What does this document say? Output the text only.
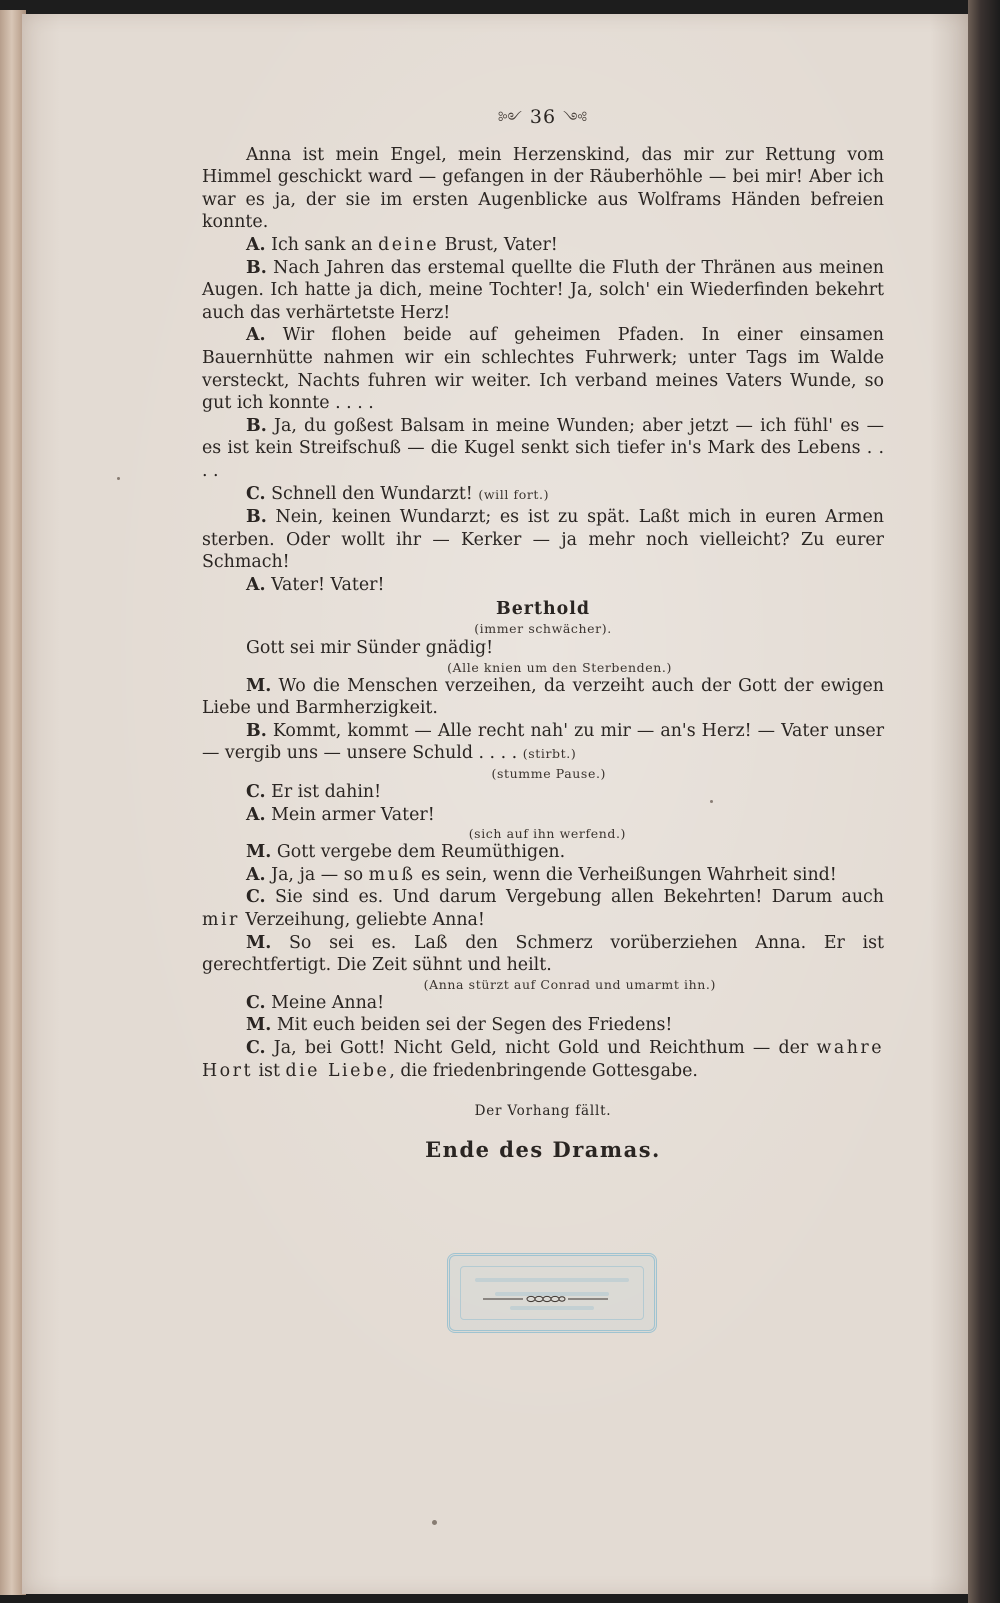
༻ 36 ༺

Anna ist mein Engel, mein Herzenskind, das mir zur Rettung vom Himmel geschickt ward — gefangen in der Räuberhöhle — bei mir! Aber ich war es ja, der sie im ersten Augenblicke aus Wolframs Händen befreien konnte.

A. Ich sank an deine Brust, Vater!

B. Nach Jahren das erstemal quellte die Fluth der Thränen aus meinen Augen. Ich hatte ja dich, meine Tochter! Ja, solch' ein Wiederfinden bekehrt auch das verhärtetste Herz!

A. Wir flohen beide auf geheimen Pfaden. In einer einsamen Bauernhütte nahmen wir ein schlechtes Fuhrwerk; unter Tags im Walde versteckt, Nachts fuhren wir weiter. Ich verband meines Vaters Wunde, so gut ich konnte . . . .

B. Ja, du goßest Balsam in meine Wunden; aber jetzt — ich fühl' es — es ist kein Streifschuß — die Kugel senkt sich tiefer in's Mark des Lebens . . . .

C. Schnell den Wundarzt! (will fort.)

B. Nein, keinen Wundarzt; es ist zu spät. Laßt mich in euren Armen sterben. Oder wollt ihr — Kerker — ja mehr noch vielleicht? Zu eurer Schmach!

A. Vater! Vater!

Berthold
(immer schwächer).

Gott sei mir Sünder gnädig!

(Alle knien um den Sterbenden.)

M. Wo die Menschen verzeihen, da verzeiht auch der Gott der ewigen Liebe und Barmherzigkeit.

B. Kommt, kommt — Alle recht nah' zu mir — an's Herz! — Vater unser — vergib uns — unsere Schuld . . . . (stirbt.)

(stumme Pause.)

C. Er ist dahin!

A. Mein armer Vater!

(sich auf ihn werfend.)

M. Gott vergebe dem Reumüthigen.

A. Ja, ja — so muß es sein, wenn die Verheißungen Wahrheit sind!

C. Sie sind es. Und darum Vergebung allen Bekehrten! Darum auch mir Verzeihung, geliebte Anna!

M. So sei es. Laß den Schmerz vorüberziehen Anna. Er ist gerechtfertigt. Die Zeit sühnt und heilt.

(Anna stürzt auf Conrad und umarmt ihn.)

C. Meine Anna!

M. Mit euch beiden sei der Segen des Friedens!

C. Ja, bei Gott! Nicht Geld, nicht Gold und Reichthum — der wahre Hort ist die Liebe, die friedenbringende Gottesgabe.

Der Vorhang fällt.
Ende des Dramas.
